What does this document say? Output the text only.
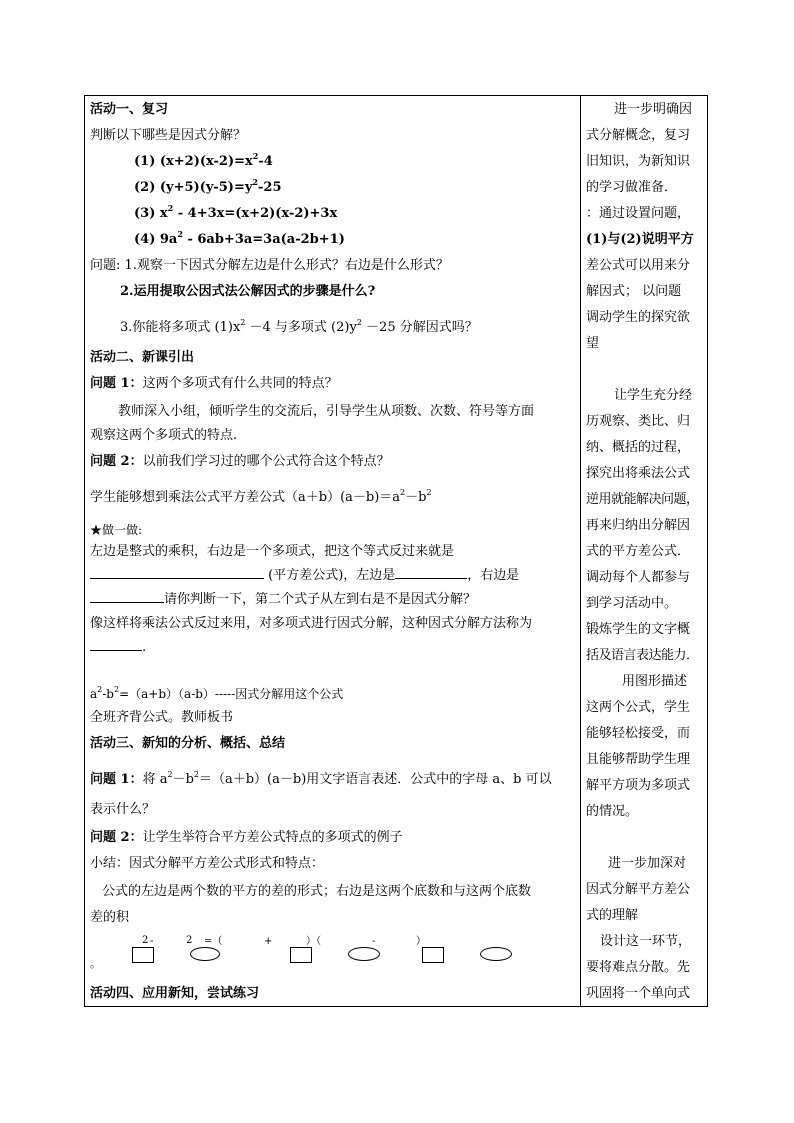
活动一、复习
判断以下哪些是因式分解？
(1) $(x+2)(x-2)=x^2-4$
(2) $(y+5)(y-5)=y^2-25$
(3) $x^2 - 4+3x=(x+2)(x-2)+3x$
(4) $9a^2 - 6ab+3a=3a(a-2b+1)$
问题: 1.观察一下因式分解左边是什么形式？右边是什么形式？
2.运用提取公因式法公解因式的步骤是什么?
3.你能将多项式 $(1)x^2 -4$ 与多项式 $(2)y^2 -25$ 分解因式吗？
活动二、新课引出
问题 1：这两个多项式有什么共同的特点？
教师深入小组，倾听学生的交流后，引导学生从项数、次数、符号等方面
观察这两个多项式的特点.
问题 2：以前我们学习过的哪个公式符合这个特点？
学生能够想到乘法公式平方差公式$(a+b)(a-b)=a^2-b^2$
★做一做:
左边是整式的乘积，右边是一个多项式，把这个等式反过来就是
(平方差公式)，左边是	，右边是
请你判断一下，第二个式子从左到右是不是因式分解？
像这样将乘法公式反过来用，对多项式进行因式分解，这种因式分解方法称为
.
$a^2-b^2=(a+b)(a-b)-----$因式分解用这个公式
全班齐背公式。教师板书
活动三、新知的分析、概括、总结
问题 1：将 $a^2-b^2=(a+b)(a-b)$用文字语言表述．公式中的字母 a、b 可以
表示什么？
问题 2：让学生举符合平方差公式特点的多项式的例子
小结：因式分解平方差公式形式和特点：
公式的左边是两个数的平方的差的形式；右边是这两个底数和与这两个底数
差的积
。
活动四、应用新知，尝试练习
2 -	2 =（	+	）（	-	）
进一步明确因
式分解概念，复习
旧知识，为新知识
的学习做准备．
：通过设置问题，
(1)与(2)说明平方
差公式可以用来分
解因式； 以问题
调动学生的探究欲
望
让学生充分经
历观察、类比、归
纳、概括的过程，
探究出将乘法公式
逆用就能解决问题，
再来归纳出分解因
式的平方差公式．
调动每个人都参与
到学习活动中。
锻炼学生的文字概
括及语言表达能力．
用图形描述
这两个公式，学生
能够轻松接受，而
且能够帮助学生理
解平方项为多项式
的情况。
进一步加深对
因式分解平方差公
式的理解
设计这一环节，
要将难点分散。先
巩固将一个单向式
